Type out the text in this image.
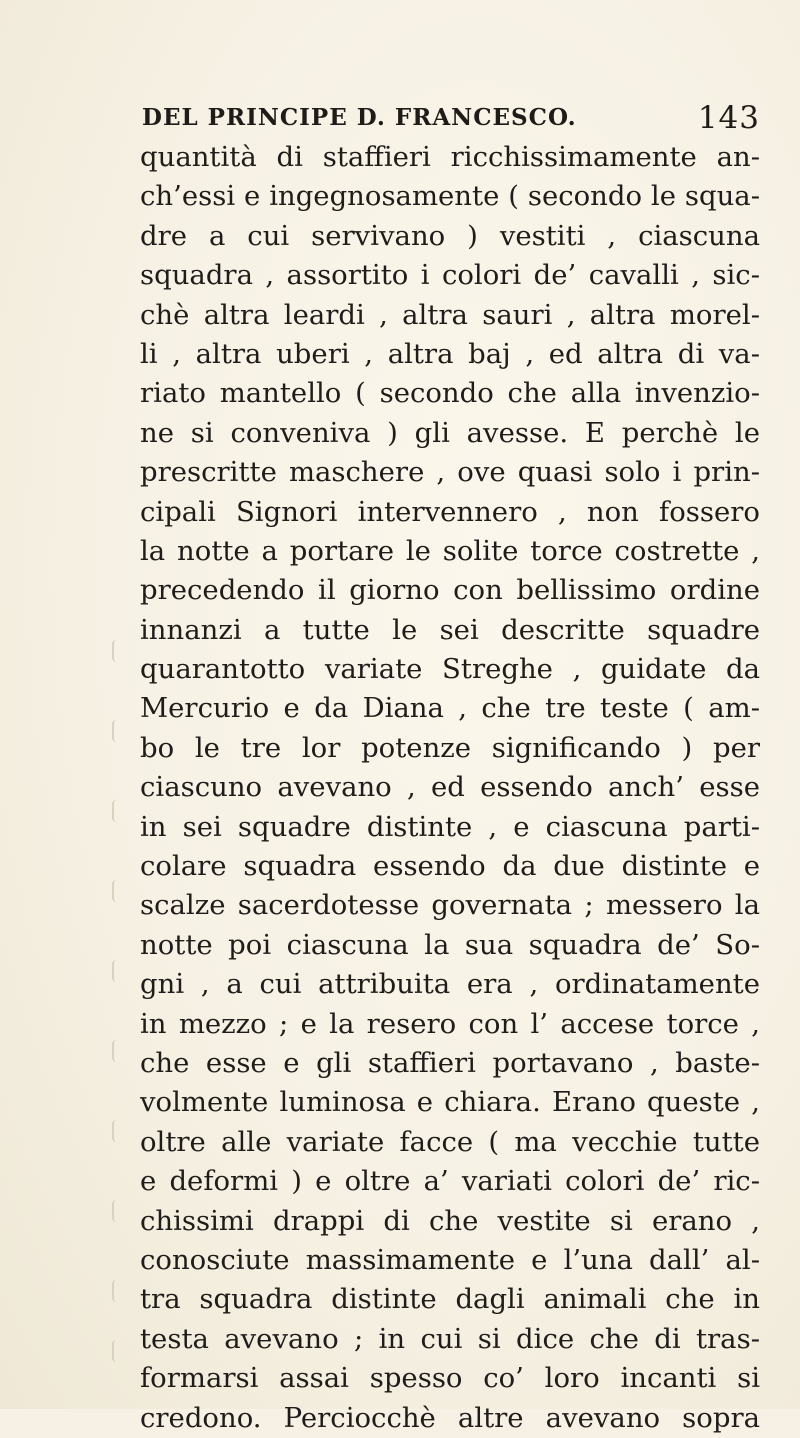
DEL PRINCIPE D. FRANCESCO.	143
quantità di staffieri ricchissimamente an-
ch’essi e ingegnosamente ( secondo le squa-
dre a cui servivano ) vestiti , ciascuna
squadra , assortito i colori de’ cavalli , sic-
chè altra leardi , altra sauri , altra morel-
li , altra uberi , altra baj , ed altra di va-
riato mantello ( secondo che alla invenzio-
ne si conveniva ) gli avesse. E perchè le
prescritte maschere , ove quasi solo i prin-
cipali Signori intervennero , non fossero
la notte a portare le solite torce costrette ,
precedendo il giorno con bellissimo ordine
innanzi a tutte le sei descritte squadre
quarantotto variate Streghe , guidate da
Mercurio e da Diana , che tre teste ( am-
bo le tre lor potenze significando ) per
ciascuno avevano , ed essendo anch’ esse
in sei squadre distinte , e ciascuna parti-
colare squadra essendo da due distinte e
scalze sacerdotesse governata ; messero la
notte poi ciascuna la sua squadra de’ So-
gni , a cui attribuita era , ordinatamente
in mezzo ; e la resero con l’ accese torce ,
che esse e gli staffieri portavano , baste-
volmente luminosa e chiara. Erano queste ,
oltre alle variate facce ( ma vecchie tutte
e deformi ) e oltre a’ variati colori de’ ric-
chissimi drappi di che vestite si erano ,
conosciute massimamente e l’una dall’ al-
tra squadra distinte dagli animali che in
testa avevano ; in cui si dice che di tras-
formarsi assai spesso co’ loro incanti si
credono. Perciocchè altre avevano sopra
